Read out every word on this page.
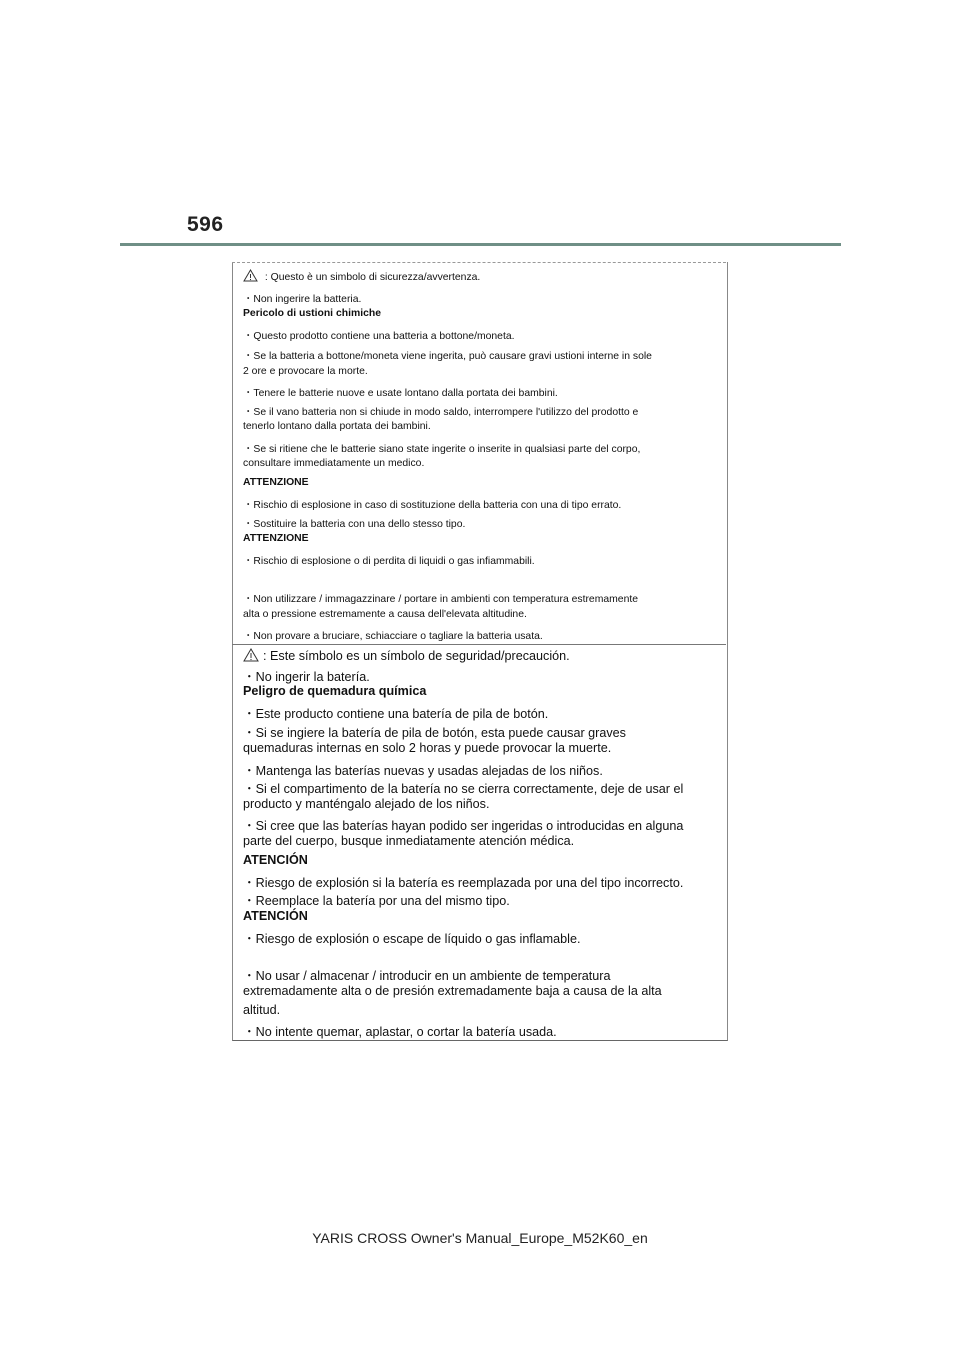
596
: Questo è un simbolo di sicurezza/avvertenza.
・Non ingerire la batteria.
Pericolo di ustioni chimiche
・Questo prodotto contiene una batteria a bottone/moneta.
・Se la batteria a bottone/moneta viene ingerita, può causare gravi ustioni interne in sole
2 ore e provocare la morte.
・Tenere le batterie nuove e usate lontano dalla portata dei bambini.
・Se il vano batteria non si chiude in modo saldo, interrompere l'utilizzo del prodotto e
tenerlo lontano dalla portata dei bambini.
・Se si ritiene che le batterie siano state ingerite o inserite in qualsiasi parte del corpo,
consultare immediatamente un medico.
ATTENZIONE
・Rischio di esplosione in caso di sostituzione della batteria con una di tipo errato.
・Sostituire la batteria con una dello stesso tipo.
ATTENZIONE
・Rischio di esplosione o di perdita di liquidi o gas infiammabili.
・Non utilizzare / immagazzinare / portare in ambienti con temperatura estremamente
alta o pressione estremamente a causa dell'elevata altitudine.
・Non provare a bruciare, schiacciare o tagliare la batteria usata.
: Este símbolo es un símbolo de seguridad/precaución.
・No ingerir la batería.
Peligro de quemadura química
・Este producto contiene una batería de pila de botón.
・Si se ingiere la batería de pila de botón, esta puede causar graves
quemaduras internas en solo 2 horas y puede provocar la muerte.
・Mantenga las baterías nuevas y usadas alejadas de los niños.
・Si el compartimento de la batería no se cierra correctamente, deje de usar el
producto y manténgalo alejado de los niños.
・Si cree que las baterías hayan podido ser ingeridas o introducidas en alguna
parte del cuerpo, busque inmediatamente atención médica.
ATENCIÓN
・Riesgo de explosión si la batería es reemplazada por una del tipo incorrecto.
・Reemplace la batería por una del mismo tipo.
ATENCIÓN
・Riesgo de explosión o escape de líquido o gas inflamable.
・No usar / almacenar / introducir en un ambiente de temperatura
extremadamente alta o de presión extremadamente baja a causa de la alta
altitud.
・No intente quemar, aplastar, o cortar la batería usada.
YARIS CROSS Owner's Manual_Europe_M52K60_en
